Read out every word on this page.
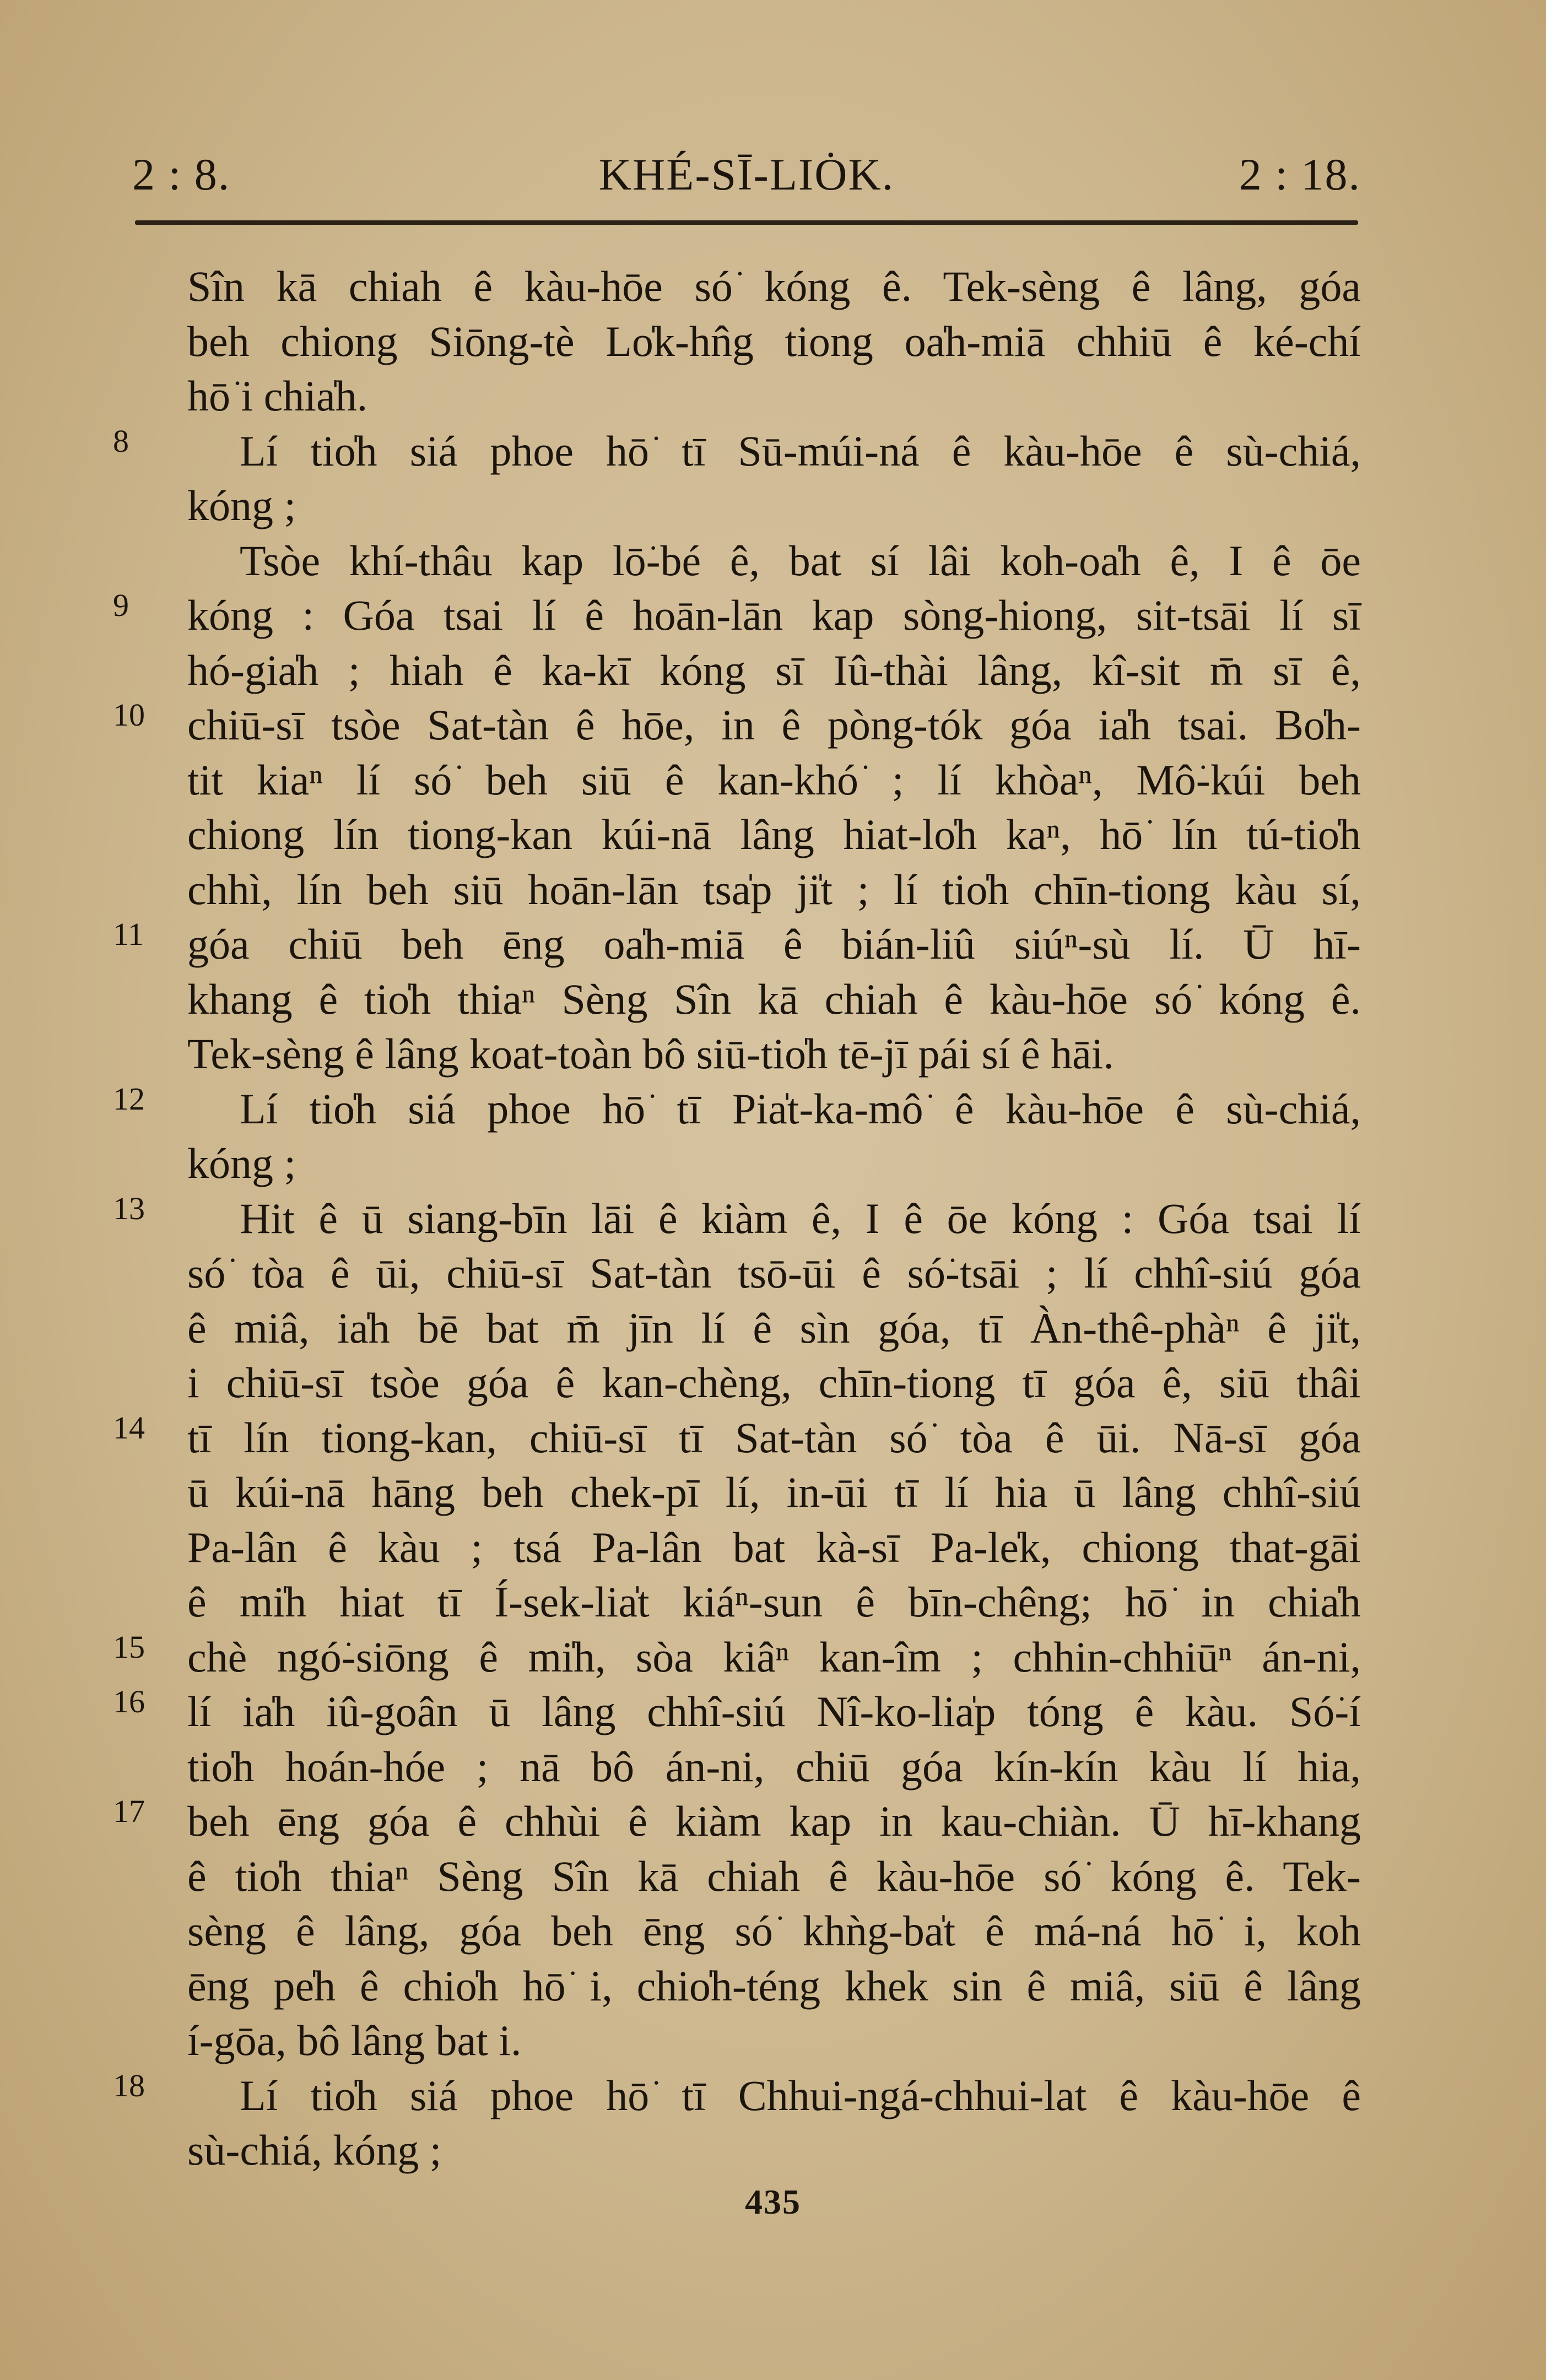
KHÉ-SĪ-LIȮK.
2 : 8.	2 : 18.
Sîn kā chiah ê kàu-hōe só͘ kóng ê. Tek-sèng ê lâng, góa
beh chiong Siōng-tè Lo̍k-hn̂g tiong oa̍h-miā chhiū ê ké-chí
hō͘ i chia̍h.
8	Lí tio̍h siá phoe hō͘ tī Sū-múi-ná ê kàu-hōe ê sù-chiá,
kóng ;
Tsòe khí-thâu kap lō͘-bé ê, bat sí lâi koh-oa̍h ê, I ê ōe
9 kóng : Góa tsai lí ê hoān-lān kap sòng-hiong, sit-tsāi lí sī
hó-gia̍h ; hiah ê ka-kī kóng sī Iû-thài lâng, kî-sit m̄ sī ê,
10 chiū-sī tsòe Sat-tàn ê hōe, in ê pòng-tók góa ia̍h tsai. Bo̍h-
tit kiaⁿ lí só͘ beh siū ê kan-khó͘ ; lí khòaⁿ, Mô͘-kúi beh
chiong lín tiong-kan kúi-nā lâng hiat-lo̍h kaⁿ, hō͘ lín tú-tio̍h
chhì, lín beh siū hoān-lān tsa̍p ji̍t ; lí tio̍h chīn-tiong kàu sí,
11 góa chiū beh ēng oa̍h-miā ê bián-liû siúⁿ-sù lí. Ū hī-
khang ê tio̍h thiaⁿ Sèng Sîn kā chiah ê kàu-hōe só͘ kóng ê.
Tek-sèng ê lâng koat-toàn bô siū-tio̍h tē-jī pái sí ê hāi.
12 Lí tio̍h siá phoe hō͘ tī Pia̍t-ka-mô͘ ê kàu-hōe ê sù-chiá,
kóng ;
13 Hit ê ū siang-bīn lāi ê kiàm ê, I ê ōe kóng : Góa tsai lí
só͘ tòa ê ūi, chiū-sī Sat-tàn tsō-ūi ê só͘-tsāi ; lí chhî-siú góa
ê miâ, ia̍h bē bat m̄ jīn lí ê sìn góa, tī Àn-thê-phàⁿ ê ji̍t,
i chiū-sī tsòe góa ê kan-chèng, chīn-tiong tī góa ê, siū thâi
14 tī lín tiong-kan, chiū-sī tī Sat-tàn só͘ tòa ê ūi. Nā-sī góa
ū kúi-nā hāng beh chek-pī lí, in-ūi tī lí hia ū lâng chhî-siú
Pa-lân ê kàu ; tsá Pa-lân bat kà-sī Pa-le̍k, chiong that-gāi
ê mi̍h hiat tī Í-sek-lia̍t kiáⁿ-sun ê bīn-chêng; hō͘ in chia̍h
15 chè ngó͘-siōng ê mi̍h, sòa kiâⁿ kan-îm ; chhin-chhiūⁿ án-ni,
16 lí ia̍h iû-goân ū lâng chhî-siú Nî-ko-lia̍p tóng ê kàu. Só͘-í
tio̍h hoán-hóe ; nā bô án-ni, chiū góa kín-kín kàu lí hia,
17 beh ēng góa ê chhùi ê kiàm kap in kau-chiàn. Ū hī-khang
ê tio̍h thiaⁿ Sèng Sîn kā chiah ê kàu-hōe só͘ kóng ê. Tek-
sèng ê lâng, góa beh ēng só͘ khǹg-ba̍t ê má-ná hō͘ i, koh
ēng pe̍h ê chio̍h hō͘ i, chio̍h-téng khek sin ê miâ, siū ê lâng
í-gōa, bô lâng bat i.
18 Lí tio̍h siá phoe hō͘ tī Chhui-ngá-chhui-lat ê kàu-hōe ê
sù-chiá, kóng ;
435
